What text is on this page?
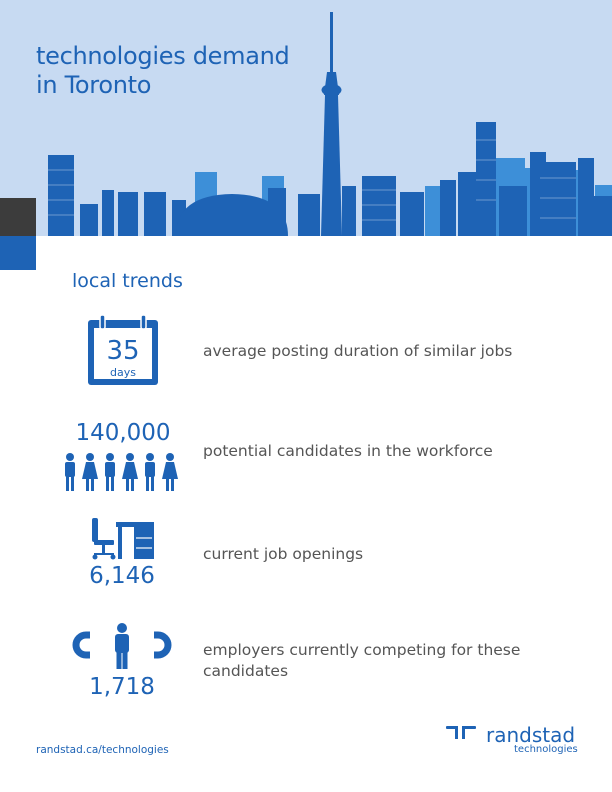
technologies demand
in Toronto
local trends
35
days
average posting duration of similar jobs
140,000
potential candidates in the workforce
6,146
current job openings
1,718
employers currently competing for these
candidates
randstad.ca/technologies
randstad
technologies
